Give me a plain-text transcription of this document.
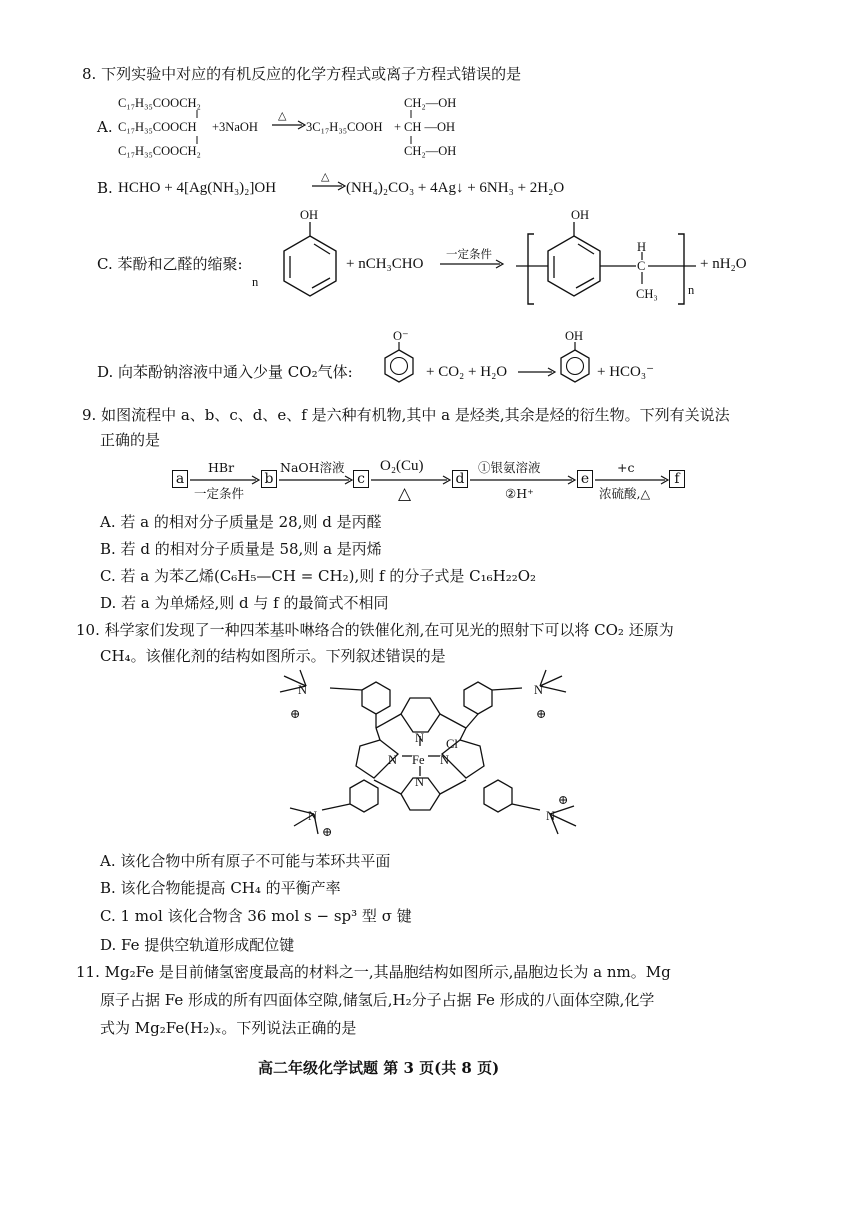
8. 下列实验中对应的有机反应的化学方程式或离子方程式错误的是
C₁₇H₃₅COOCH₂
A. C₁₇H₃₅COOCH
C₁₇H₃₅COOCH₂
+3NaOH
△
3C₁₇H₃₅COOH +
CH₂—OH
CH —OH
CH₂—OH
B. HCHO + 4[Ag(NH₃)₂]OH
△
(NH₄)₂CO₃ + 4Ag↓ + 6NH₃ + 2H₂O
C. 苯酚和乙醛的缩聚:
n
OH
+ nCH₃CHO
一定条件
OH
H
C
CH₃ n
+ nH₂O
D. 向苯酚钠溶液中通入少量 CO₂气体:
O⁻
+ CO₂ + H₂O
OH
+ HCO₃⁻
9. 如图流程中 a、b、c、d、e、f 是六种有机物,其中 a 是烃类,其余是烃的衍生物。下列有关说法
正确的是
a	b	c	d	e	f
HBr
一定条件
NaOH溶液 O₂(Cu)
△
①银氨溶液
②H⁺
+c
浓硫酸,△
A. 若 a 的相对分子质量是 28,则 d 是丙醛
B. 若 d 的相对分子质量是 58,则 a 是丙烯
C. 若 a 为苯乙烯(C₆H₅—CH = CH₂),则 f 的分子式是 C₁₆H₂₂O₂
D. 若 a 为单烯烃,则 d 与 f 的最简式不相同
10. 科学家们发现了一种四苯基卟啉络合的铁催化剂,在可见光的照射下可以将 CO₂ 还原为
CH₄。该催化剂的结构如图所示。下列叙述错误的是
N
N	N
N
Cl
Fe
N
⊕
N
⊕
N
⊕
N
⊕
A. 该化合物中所有原子不可能与苯环共平面
B. 该化合物能提高 CH₄ 的平衡产率
C. 1 mol 该化合物含 36 mol s − sp³ 型 σ 键
D. Fe 提供空轨道形成配位键
11. Mg₂Fe 是目前储氢密度最高的材料之一,其晶胞结构如图所示,晶胞边长为 a nm。Mg
原子占据 Fe 形成的所有四面体空隙,储氢后,H₂分子占据 Fe 形成的八面体空隙,化学
式为 Mg₂Fe(H₂)ₓ。下列说法正确的是
高二年级化学试题 第 3 页(共 8 页)
